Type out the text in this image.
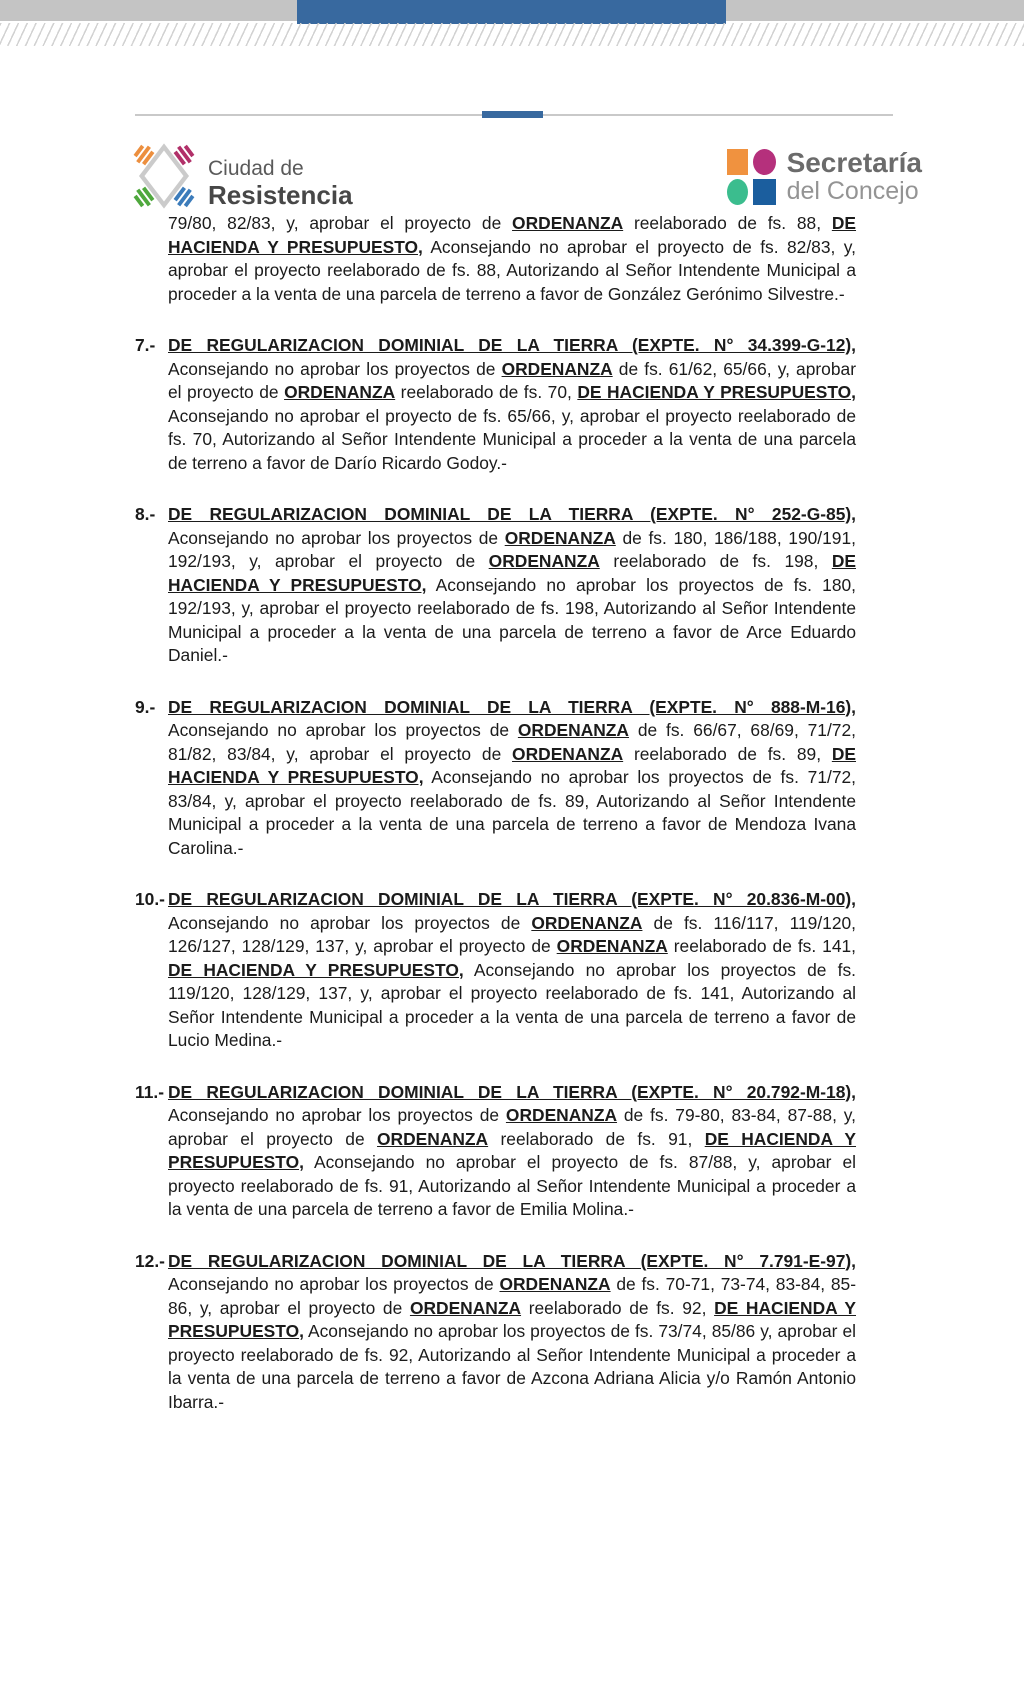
Ciudad de
Resistencia
Secretaría
del Concejo
79/80, 82/83, y, aprobar el proyecto de ORDENANZA reelaborado de fs. 88, DE HACIENDA Y PRESUPUESTO, Aconsejando no aprobar el proyecto de fs. 82/83, y, aprobar el proyecto reelaborado de fs. 88, Autorizando al Señor Intendente Municipal a proceder a la venta de una parcela de terreno a favor de González Gerónimo Silvestre.-
7.- DE REGULARIZACION DOMINIAL DE LA TIERRA (EXPTE. N° 34.399-G-12), Aconsejando no aprobar los proyectos de ORDENANZA de fs. 61/62, 65/66, y, aprobar el proyecto de ORDENANZA reelaborado de fs. 70, DE HACIENDA Y PRESUPUESTO, Aconsejando no aprobar el proyecto de fs. 65/66, y, aprobar el proyecto reelaborado de fs. 70, Autorizando al Señor Intendente Municipal a proceder a la venta de una parcela de terreno a favor de Darío Ricardo Godoy.-
8.- DE REGULARIZACION DOMINIAL DE LA TIERRA (EXPTE. N° 252-G-85), Aconsejando no aprobar los proyectos de ORDENANZA de fs. 180, 186/188, 190/191, 192/193, y, aprobar el proyecto de ORDENANZA reelaborado de fs. 198, DE HACIENDA Y PRESUPUESTO, Aconsejando no aprobar los proyectos de fs. 180, 192/193, y, aprobar el proyecto reelaborado de fs. 198, Autorizando al Señor Intendente Municipal a proceder a la venta de una parcela de terreno a favor de Arce Eduardo Daniel.-
9.- DE REGULARIZACION DOMINIAL DE LA TIERRA (EXPTE. N° 888-M-16), Aconsejando no aprobar los proyectos de ORDENANZA de fs. 66/67, 68/69, 71/72, 81/82, 83/84, y, aprobar el proyecto de ORDENANZA reelaborado de fs. 89, DE HACIENDA Y PRESUPUESTO, Aconsejando no aprobar los proyectos de fs. 71/72, 83/84, y, aprobar el proyecto reelaborado de fs. 89, Autorizando al Señor Intendente Municipal a proceder a la venta de una parcela de terreno a favor de Mendoza Ivana Carolina.-
10.- DE REGULARIZACION DOMINIAL DE LA TIERRA (EXPTE. N° 20.836-M-00), Aconsejando no aprobar los proyectos de ORDENANZA de fs. 116/117, 119/120, 126/127, 128/129, 137, y, aprobar el proyecto de ORDENANZA reelaborado de fs. 141, DE HACIENDA Y PRESUPUESTO, Aconsejando no aprobar los proyectos de fs. 119/120, 128/129, 137, y, aprobar el proyecto reelaborado de fs. 141, Autorizando al Señor Intendente Municipal a proceder a la venta de una parcela de terreno a favor de Lucio Medina.-
11.- DE REGULARIZACION DOMINIAL DE LA TIERRA (EXPTE. N° 20.792-M-18), Aconsejando no aprobar los proyectos de ORDENANZA de fs. 79-80, 83-84, 87-88, y, aprobar el proyecto de ORDENANZA reelaborado de fs. 91, DE HACIENDA Y PRESUPUESTO, Aconsejando no aprobar el proyecto de fs. 87/88, y, aprobar el proyecto reelaborado de fs. 91, Autorizando al Señor Intendente Municipal a proceder a la venta de una parcela de terreno a favor de Emilia Molina.-
12.- DE REGULARIZACION DOMINIAL DE LA TIERRA (EXPTE. N° 7.791-E-97), Aconsejando no aprobar los proyectos de ORDENANZA de fs. 70-71, 73-74, 83-84, 85-86, y, aprobar el proyecto de ORDENANZA reelaborado de fs. 92, DE HACIENDA Y PRESUPUESTO, Aconsejando no aprobar los proyectos de fs. 73/74, 85/86 y, aprobar el proyecto reelaborado de fs. 92, Autorizando al Señor Intendente Municipal a proceder a la venta de una parcela de terreno a favor de Azcona Adriana Alicia y/o Ramón Antonio Ibarra.-
